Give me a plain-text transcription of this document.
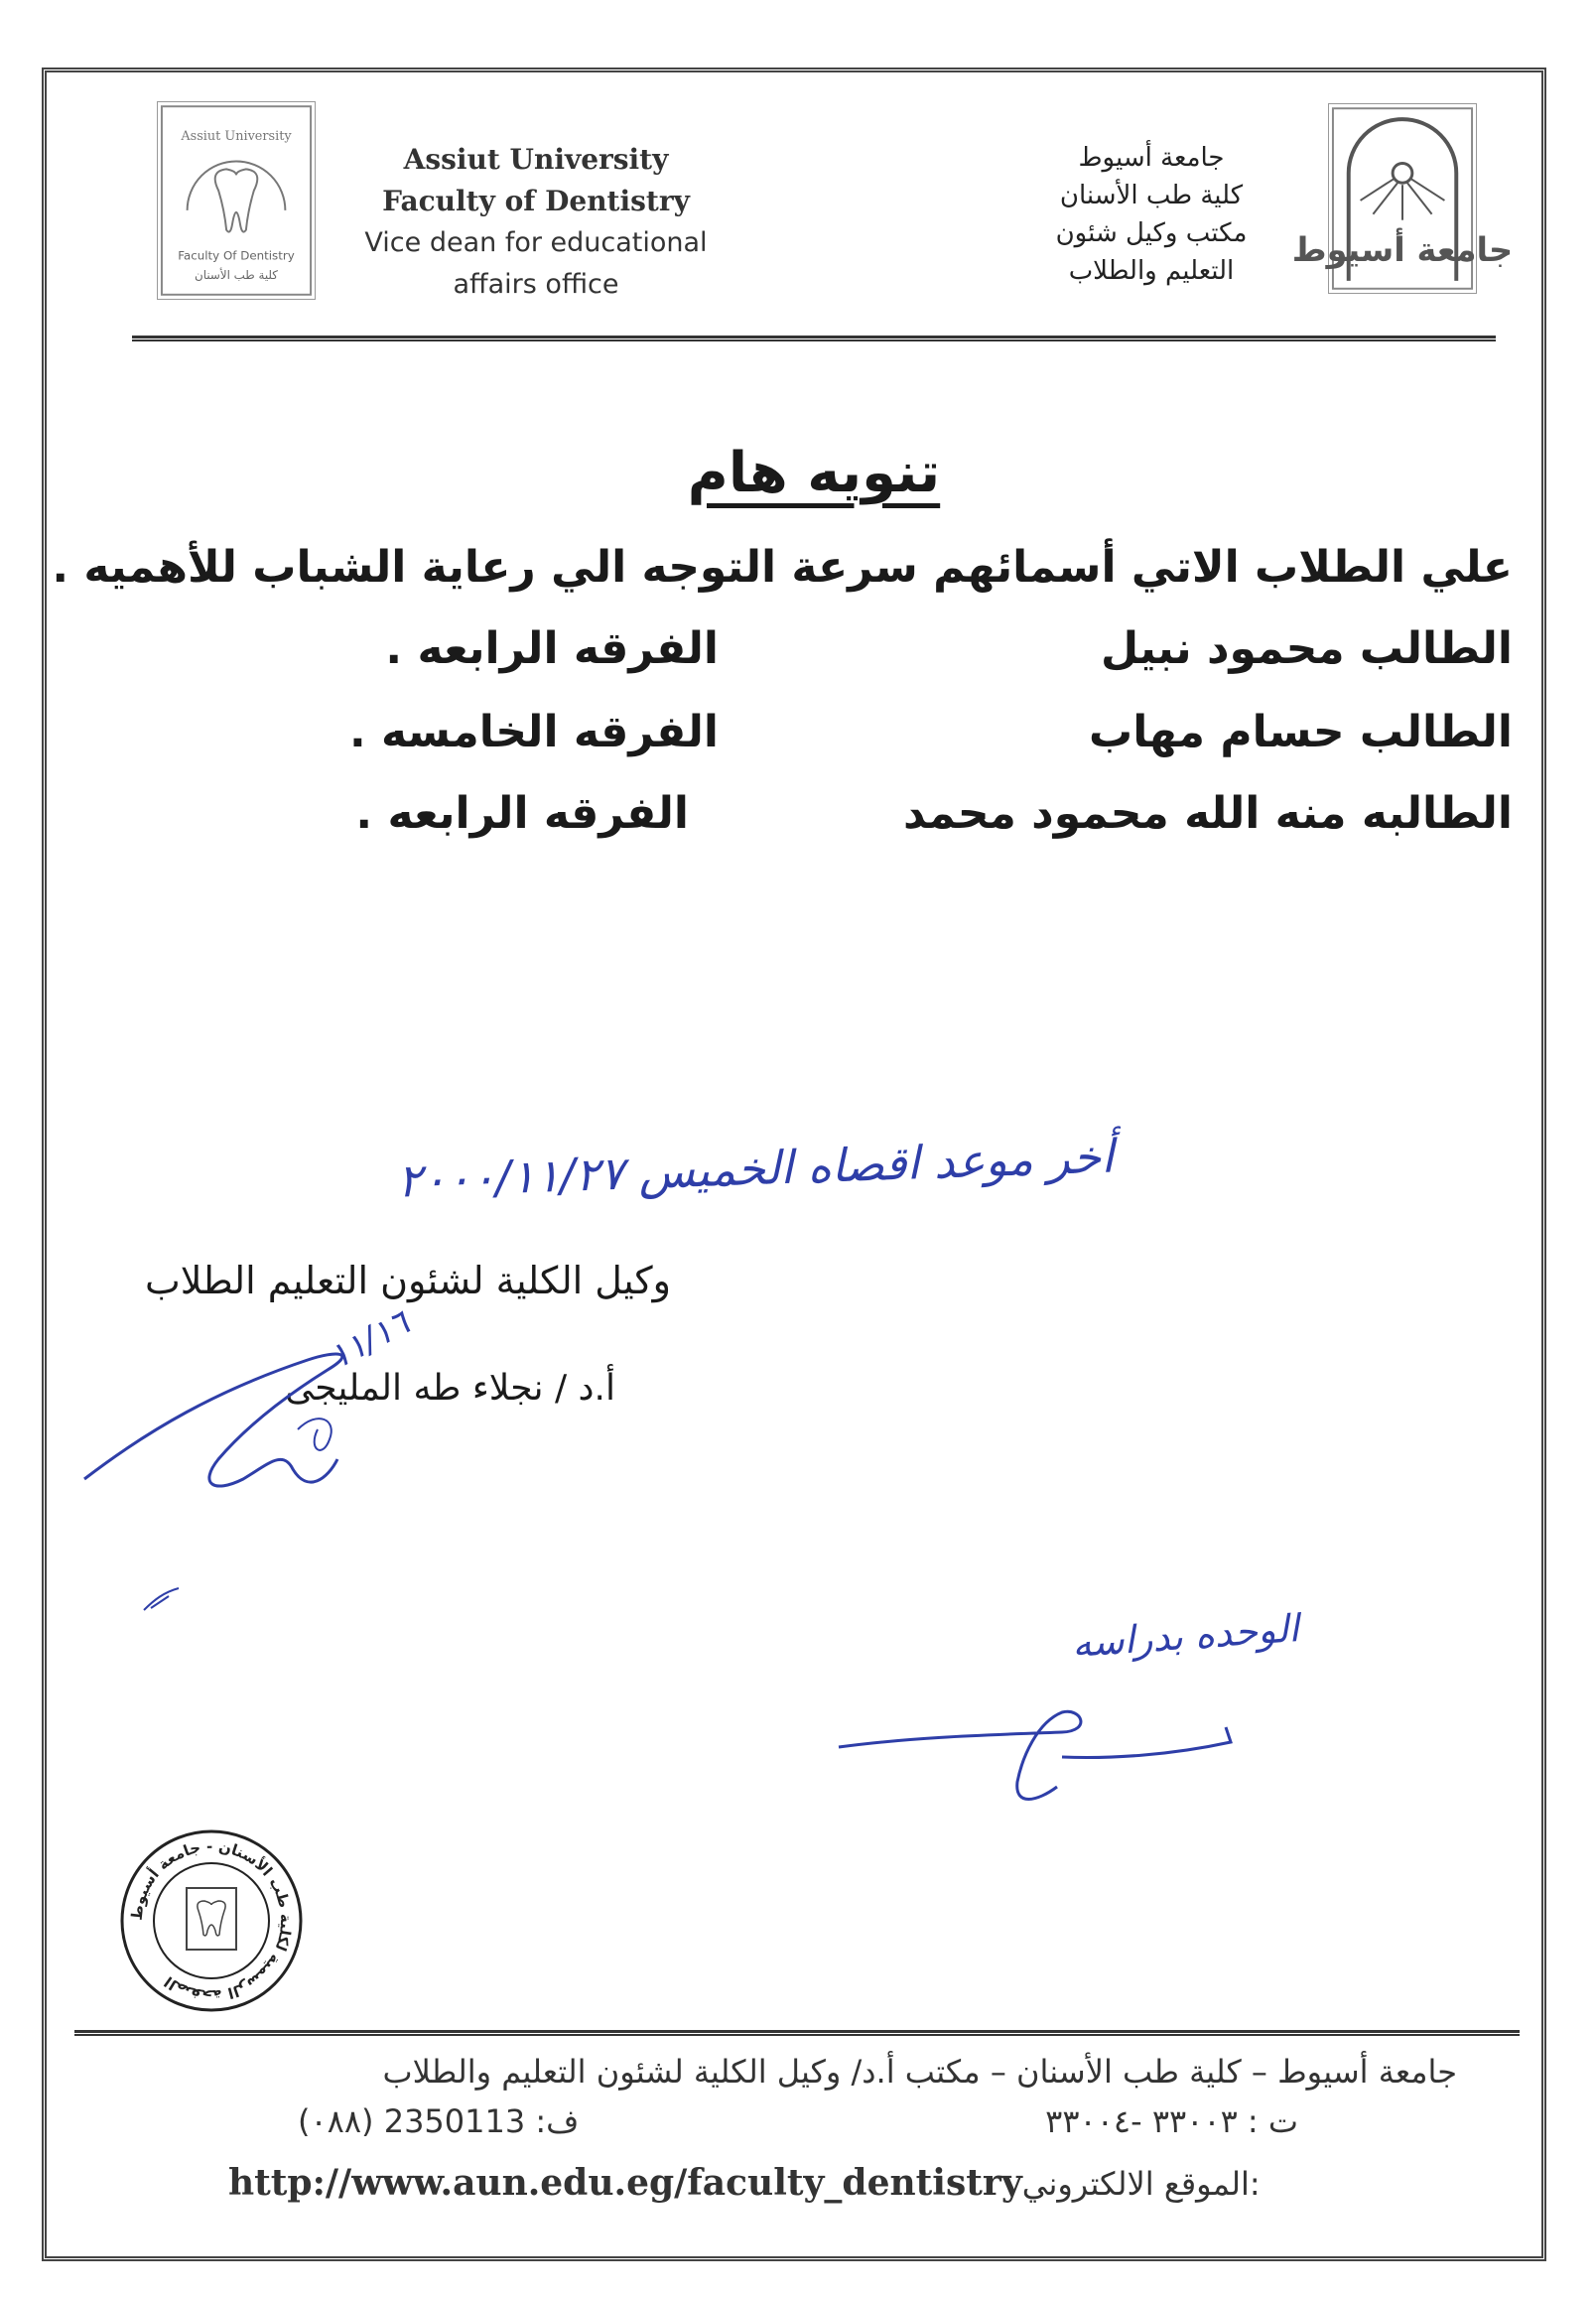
Assiut University
Faculty Of Dentistry
كلية طب الأسنان
Assiut University
Faculty of Dentistry
Vice dean for educational
affairs office
جامعة أسيوط
كلية طب الأسنان
مكتب وكيل شئون
التعليم والطلاب
جامعة أسيوط
تنويه هام
علي الطلاب الاتي أسمائهم سرعة التوجه الي رعاية الشباب للأهميه .
الطالب محمود نبيل
الفرقه الرابعه .
الطالب حسام مهاب
الفرقه الخامسه .
الطالبه منه الله محمود محمد
الفرقه الرابعه .
أخر موعد اقصاه الخميس ٢٠٠٠/١١/٢٧
وكيل الكلية لشئون التعليم الطلاب
أ.د / نجلاء طه المليجى
١١/١٦
الوحده بدراسه
الصفحة الرسمية لكلية طب الأسنان - جامعة أسيوط
جامعة أسيوط – كلية طب الأسنان – مكتب أ.د/ وكيل الكلية لشئون التعليم والطلاب
ت : ٣٣٠٠٣ -٣٣٠٠٤
ف: 2350113 (٠٨٨)
http://www.aun.edu.eg/faculty_dentistryالموقع الالكتروني:
